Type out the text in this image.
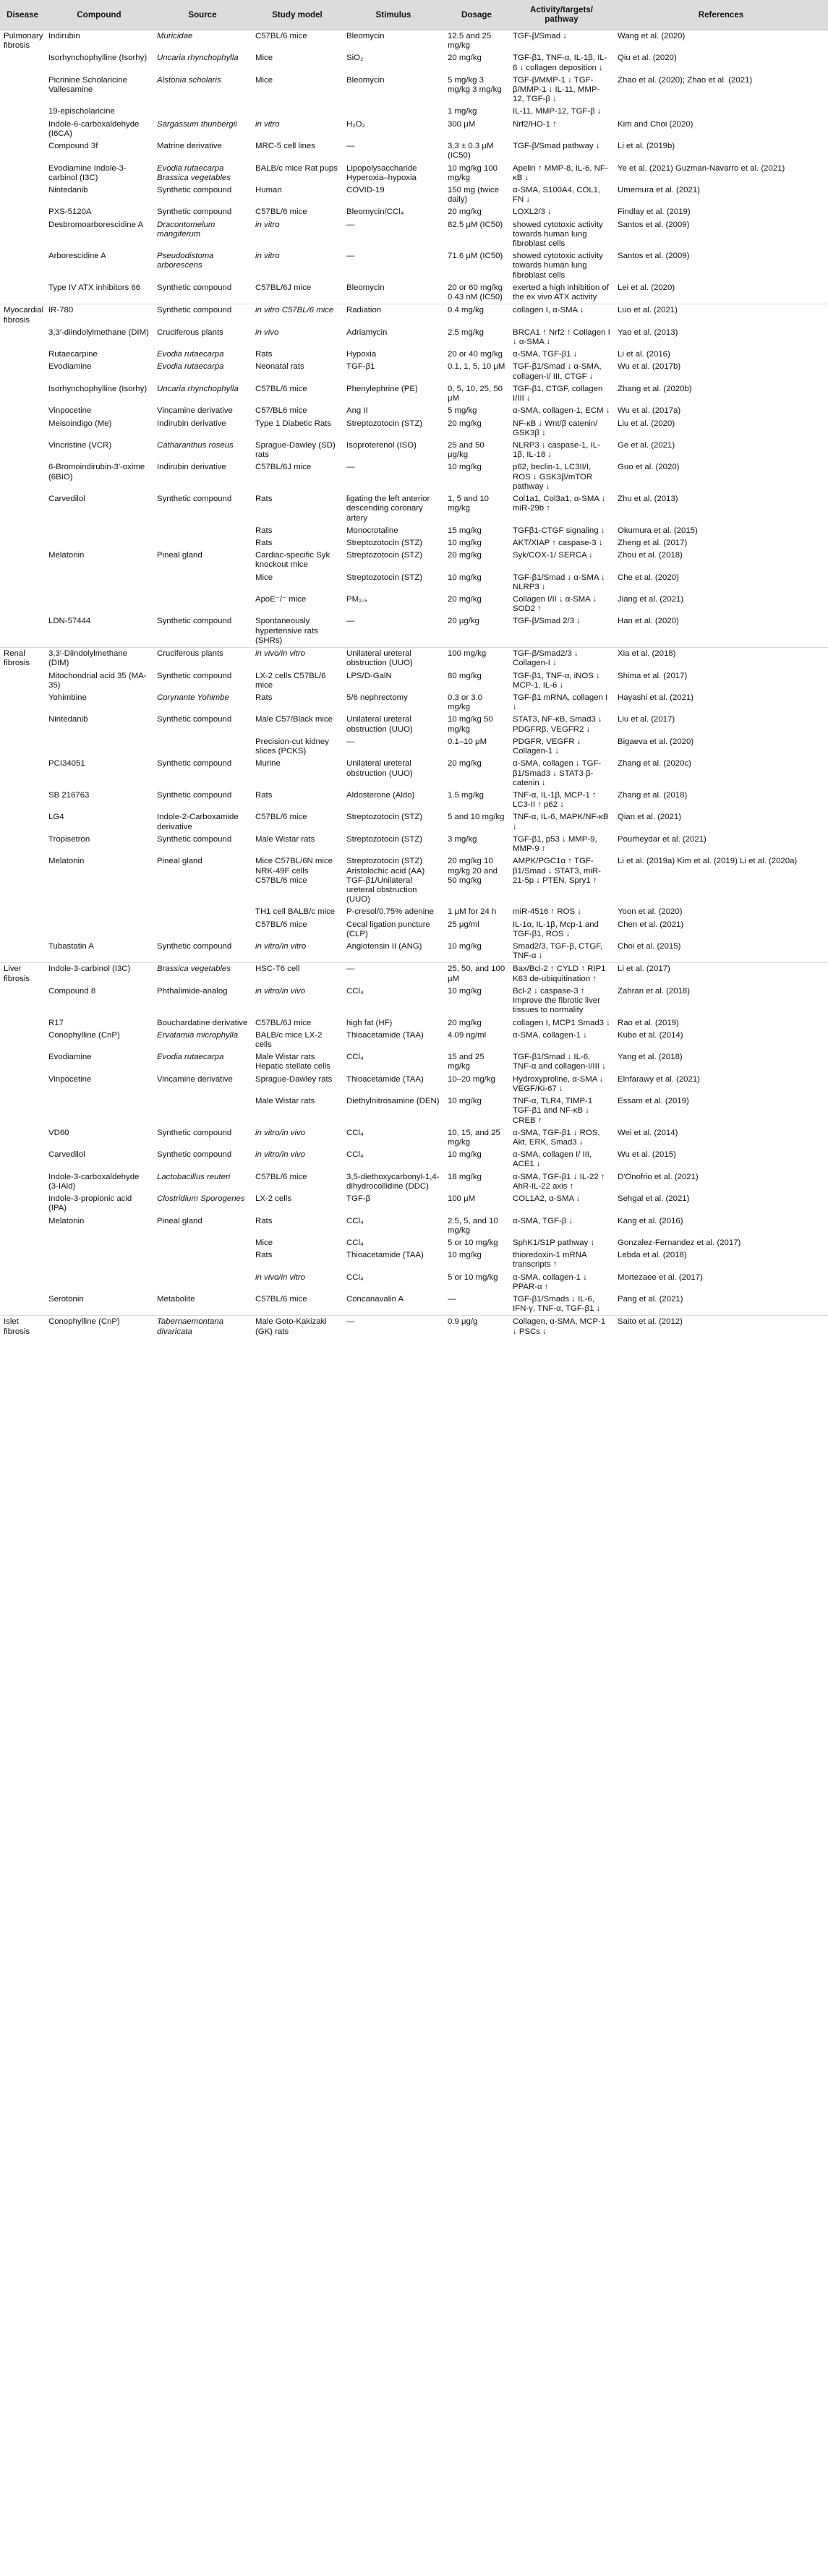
Disease	Compound	Source	Study model	Stimulus	Dosage	Activity/targets/ pathway	References
Pulmonary fibrosis	Indirubin	Muricidae	C57BL/6 mice	Bleomycin	12.5 and 25 mg/kg	TGF-β/Smad ↓	Wang et al. (2020)
	Isorhynchophylline (Isorhy)	Uncaria rhynchophylla	Mice	SiO₂	20 mg/kg	TGF-β1, TNF-α, IL-1β, IL-6 ↓ collagen deposition ↓	Qiu et al. (2020)
	Picrinine Scholaricine Vallesamine	Alstonia scholaris	Mice	Bleomycin	5 mg/kg 3 mg/kg 3 mg/kg	TGF-β/MMP-1 ↓ TGF-β/MMP-1 ↓ IL-11, MMP-12, TGF-β ↓	Zhao et al. (2020); Zhao et al. (2021)
	19-epischolaricine				1 mg/kg	IL-11, MMP-12, TGF-β ↓	
	Indole-6-carboxaldehyde (I6CA)	Sargassum thunbergii	in vitro	H₂O₂	300 μM	Nrf2/HO-1 ↑	Kim and Choi (2020)
	Compound 3f	Matrine derivative	MRC-5 cell lines	—	3.3 ± 0.3 μM (IC50)	TGF-β/Smad pathway ↓	Li et al. (2019b)
	Evodiamine Indole-3-carbinol (I3C)	Evodia rutaecarpa Brassica vegetables	BALB/c mice Rat pups	Lipopolysaccharide Hyperoxia–hypoxia	10 mg/kg 100 mg/kg	Apelin ↑ MMP-8, IL-6, NF-κB ↓	Ye et al. (2021) Guzman-Navarro et al. (2021)
	Nintedanib	Synthetic compound	Human	COVID-19	150 mg (twice daily)	α-SMA, S100A4, COL1, FN ↓	Umemura et al. (2021)
	PXS-5120A	Synthetic compound	C57BL/6 mice	Bleomycin/CCl₄	20 mg/kg	LOXL2/3 ↓	Findlay et al. (2019)
	Desbromoarborescidine A	Dracontomelum mangiferum	in vitro	—	82.5 μM (IC50)	showed cytotoxic activity towards human lung fibroblast cells	Santos et al. (2009)
	Arborescidine A	Pseudodistoma arborescens	in vitro	—	71.6 μM (IC50)	showed cytotoxic activity towards human lung fibroblast cells	Santos et al. (2009)
	Type IV ATX inhibitors 66	Synthetic compound	C57BL/6J mice	Bleomycin	20 or 60 mg/kg 0.43 nM (IC50)	exerted a high inhibition of the ex vivo ATX activity	Lei et al. (2020)
Myocardial fibrosis	IR-780	Synthetic compound	in vitro C57BL/6 mice	Radiation	0.4 mg/kg	collagen I, α-SMA ↓	Luo et al. (2021)
	3,3′-diindolylmethane (DIM)	Cruciferous plants	in vivo	Adriamycin	2.5 mg/kg	BRCA1 ↑ Nrf2 ↑ Collagen I ↓ α-SMA ↓	Yao et al. (2013)
	Rutaecarpine	Evodia rutaecarpa	Rats	Hypoxia	20 or 40 mg/kg	α-SMA, TGF-β1 ↓	Li et al. (2016)
	Evodiamine	Evodia rutaecarpa	Neonatal rats	TGF-β1	0.1, 1, 5, 10 μM	TGF-β1/Smad ↓ α-SMA, collagen-I/ III, CTGF ↓	Wu et al. (2017b)
	Isorhynchophylline (Isorhy)	Uncaria rhynchophylla	C57BL/6 mice	Phenylephrine (PE)	0, 5, 10, 25, 50 μM	TGF-β1, CTGF, collagen I/III ↓	Zhang et al. (2020b)
	Vinpocetine	Vincamine derivative	C57/BL6 mice	Ang II	5 mg/kg	α-SMA, collagen-1, ECM ↓	Wu et al. (2017a)
	Meisoindigo (Me)	Indirubin derivative	Type 1 Diabetic Rats	Streptozotocin (STZ)	20 mg/kg	NF-κB ↓ Wnt/β catenin/ GSK3β ↓	Liu et al. (2020)
	Vincristine (VCR)	Catharanthus roseus	Sprague-Dawley (SD) rats	Isoproterenol (ISO)	25 and 50 μg/kg	NLRP3 ↓ caspase-1, IL-1β, IL-18 ↓	Ge et al. (2021)
	6-Bromoindirubin-3′-oxime (6BIO)	Indirubin derivative	C57BL/6J mice	—	10 mg/kg	p62, beclin-1, LC3II/I, ROS ↓ GSK3β/mTOR pathway ↓	Guo et al. (2020)
	Carvedilol	Synthetic compound	Rats	ligating the left anterior descending coronary artery	1, 5 and 10 mg/kg	Col1a1, Col3a1, α-SMA ↓ miR-29b ↑	Zhu et al. (2013)
			Rats	Monocrotaline	15 mg/kg	TGFβ1-CTGF signaling ↓	Okumura et al. (2015)
			Rats	Streptozotocin (STZ)	10 mg/kg	AKT/XIAP ↑ caspase-3 ↓	Zheng et al. (2017)
	Melatonin	Pineal gland	Cardiac-specific Syk knockout mice	Streptozotocin (STZ)	20 mg/kg	Syk/COX-1/ SERCA ↓	Zhou et al. (2018)
			Mice	Streptozotocin (STZ)	10 mg/kg	TGF-β1/Smad ↓ α-SMA ↓ NLRP3 ↓	Che et al. (2020)
			ApoE⁻/⁻ mice	PM₂.₅	20 mg/kg	Collagen I/II ↓ α-SMA ↓ SOD2 ↑	Jiang et al. (2021)
	LDN-57444	Synthetic compound	Spontaneously hypertensive rats (SHRs)	—	20 μg/kg	TGF-β/Smad 2/3 ↓	Han et al. (2020)
Renal fibrosis	3,3′-Diindolylmethane (DIM)	Cruciferous plants	in vivo/in vitro	Unilateral ureteral obstruction (UUO)	100 mg/kg	TGF-β/Smad2/3 ↓ Collagen-I ↓	Xia et al. (2018)
	Mitochondrial acid 35 (MA-35)	Synthetic compound	LX-2 cells C57BL/6 mice	LPS/D-GalN	80 mg/kg	TGF-β1, TNF-α, iNOS ↓ MCP-1, IL-6 ↓	Shima et al. (2017)
	Yohimbine	Corynante Yohimbe	Rats	5/6 nephrectomy	0.3 or 3.0 mg/kg	TGF-β1 mRNA, collagen I ↓	Hayashi et al. (2021)
	Nintedanib	Synthetic compound	Male C57/Black mice	Unilateral ureteral obstruction (UUO)	10 mg/kg 50 mg/kg	STAT3, NF-κB, Smad3 ↓ PDGFRβ, VEGFR2 ↓	Liu et al. (2017)
			Precision-cut kidney slices (PCKS)	—	0.1–10 μM	PDGFR, VEGFR ↓ Collagen-1 ↓	Bigaeva et al. (2020)
	PCI34051	Synthetic compound	Murine	Unilateral ureteral obstruction (UUO)	20 mg/kg	α-SMA, collagen ↓ TGF-β1/Smad3 ↓ STAT3 β-catenin ↓	Zhang et al. (2020c)
	SB 216763	Synthetic compound	Rats	Aldosterone (Aldo)	1.5 mg/kg	TNF-α, IL-1β, MCP-1 ↑ LC3-II ↑ p62 ↓	Zhang et al. (2018)
	LG4	Indole-2-Carboxamide derivative	C57BL/6 mice	Streptozotocin (STZ)	5 and 10 mg/kg	TNF-α, IL-6, MAPK/NF-κB ↓	Qian et al. (2021)
	Tropisetron	Synthetic compound	Male Wistar rats	Streptozotocin (STZ)	3 mg/kg	TGF-β1, p53 ↓ MMP-9, MMP-9 ↑	Pourheydar et al. (2021)
	Melatonin	Pineal gland	Mice C57BL/6N mice NRK-49F cells C57BL/6 mice	Streptozotocin (STZ) Aristolochic acid (AA) TGF-β1/Unilateral ureteral obstruction (UUO)	20 mg/kg 10 mg/kg 20 and 50 mg/kg	AMPK/PGC1α ↑ TGF-β1/Smad ↓ STAT3, miR-21-5p ↓ PTEN, Spry1 ↑	Li et al. (2019a) Kim et al. (2019) Li et al. (2020a)
			TH1 cell BALB/c mice	P-cresol/0.75% adenine	1 μM for 24 h	miR-4516 ↑ ROS ↓	Yoon et al. (2020)
			C57BL/6 mice	Cecal ligation puncture (CLP)	25 μg/ml	IL-1α, IL-1β, Mcp-1 and TGF-β1, ROS ↓	Chen et al. (2021)
	Tubastatin A	Synthetic compound	in vitro/in vitro	Angiotensin II (ANG)	10 mg/kg	Smad2/3, TGF-β, CTGF, TNF-α ↓	Choi et al. (2015)
Liver fibrosis	Indole-3-carbinol (I3C)	Brassica vegetables	HSC-T6 cell	—	25, 50, and 100 μM	Bax/Bcl-2 ↑ CYLD ↑ RIP1 K63 de-ubiquitination ↑	Li et al. (2017)
	Compound 8	Phthalimide-analog	in vitro/in vivo	CCl₄	10 mg/kg	Bcl-2 ↓ caspase-3 ↑ Improve the fibrotic liver tissues to normality	Zahran et al. (2018)
	R17	Bouchardatine derivative	C57BL/6J mice	high fat (HF)	20 mg/kg	collagen I, MCP1 Smad3 ↓	Rao et al. (2019)
	Conophylline (CnP)	Ervatamia microphylla	BALB/c mice LX-2 cells	Thioacetamide (TAA)	4.09 ng/ml	α-SMA, collagen-1 ↓	Kubo et al. (2014)
	Evodiamine	Evodia rutaecarpa	Male Wistar rats Hepatic stellate cells	CCl₄	15 and 25 mg/kg	TGF-β1/Smad ↓ IL-6, TNF-α and collagen-I/III ↓	Yang et al. (2018)
	Vinpocetine	Vincamine derivative	Sprague-Dawley rats	Thioacetamide (TAA)	10–20 mg/kg	Hydroxyproline, α-SMA ↓ VEGF/Ki-67 ↓	Elnfarawy et al. (2021)
			Male Wistar rats	Diethylnitrosamine (DEN)	10 mg/kg	TNF-α, TLR4, TIMP-1 TGF-β1 and NF-κB ↓ CREB ↑	Essam et al. (2019)
	VD60	Synthetic compound	in vitro/in vivo	CCl₄	10, 15, and 25 mg/kg	α-SMA, TGF-β1 ↓ ROS, Akt, ERK, Smad3 ↓	Wei et al. (2014)
	Carvedilol	Synthetic compound	in vitro/in vivo	CCl₄	10 mg/kg	α-SMA, collagen I/ III, ACE1 ↓	Wu et al. (2015)
	Indole-3-carboxaldehyde (3-IAld)	Lactobacillus reuteri	C57BL/6 mice	3,5-diethoxycarbonyl-1,4-dihydrocollidine (DDC)	18 mg/kg	α-SMA, TGF-β1 ↓ IL-22 ↑ AhR-IL-22 axis ↑	D'Onofrio et al. (2021)
	Indole-3-propionic acid (IPA)	Clostridium Sporogenes	LX-2 cells	TGF-β	100 μM	COL1A2, α-SMA ↓	Sehgal et al. (2021)
	Melatonin	Pineal gland	Rats	CCl₄	2.5, 5, and 10 mg/kg	α-SMA, TGF-β ↓	Kang et al. (2016)
			Mice	CCl₄	5 or 10 mg/kg	SphK1/S1P pathway ↓	Gonzalez-Fernandez et al. (2017)
			Rats	Thioacetamide (TAA)	10 mg/kg	thioredoxin-1 mRNA transcripts ↑	Lebda et al. (2018)
			in vivo/in vitro	CCl₄	5 or 10 mg/kg	α-SMA, collagen-1 ↓ PPAR-α ↑	Mortezaee et al. (2017)
	Serotonin	Metabolite	C57BL/6 mice	Concanavalin A	—	TGF-β1/Smads ↓ IL-6, IFN-γ, TNF-α, TGF-β1 ↓	Pang et al. (2021)
Islet fibrosis	Conophylline (CnP)	Tabernaemontana divaricata	Male Goto-Kakizaki (GK) rats	—	0.9 μg/g	Collagen, α-SMA, MCP-1 ↓ PSCs ↓	Saito et al. (2012)
